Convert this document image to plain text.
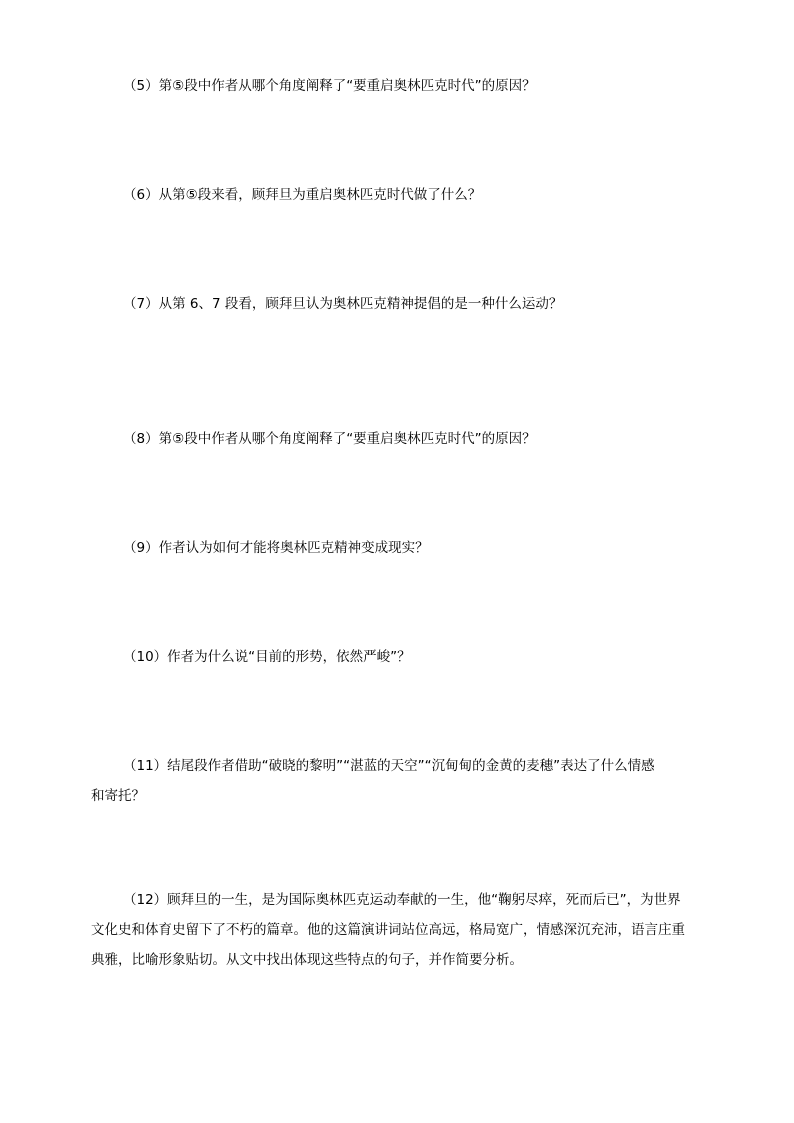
（5）第⑤段中作者从哪个角度阐释了“要重启奥林匹克时代”的原因？
（6）从第⑤段来看，顾拜旦为重启奥林匹克时代做了什么？
（7）从第 6、7 段看，顾拜旦认为奥林匹克精神提倡的是一种什么运动？
（8）第⑤段中作者从哪个角度阐释了“要重启奥林匹克时代”的原因？
（9）作者认为如何才能将奥林匹克精神变成现实？
（10）作者为什么说“目前的形势，依然严峻”？
（11）结尾段作者借助“破晓的黎明”“湛蓝的天空”“沉甸甸的金黄的麦穗”表达了什么情感
和寄托？
（12）顾拜旦的一生，是为国际奥林匹克运动奉献的一生，他“鞠躬尽瘁，死而后已”，为世界
文化史和体育史留下了不朽的篇章。他的这篇演讲词站位高远，格局宽广，情感深沉充沛，语言庄重
典雅，比喻形象贴切。从文中找出体现这些特点的句子，并作简要分析。
